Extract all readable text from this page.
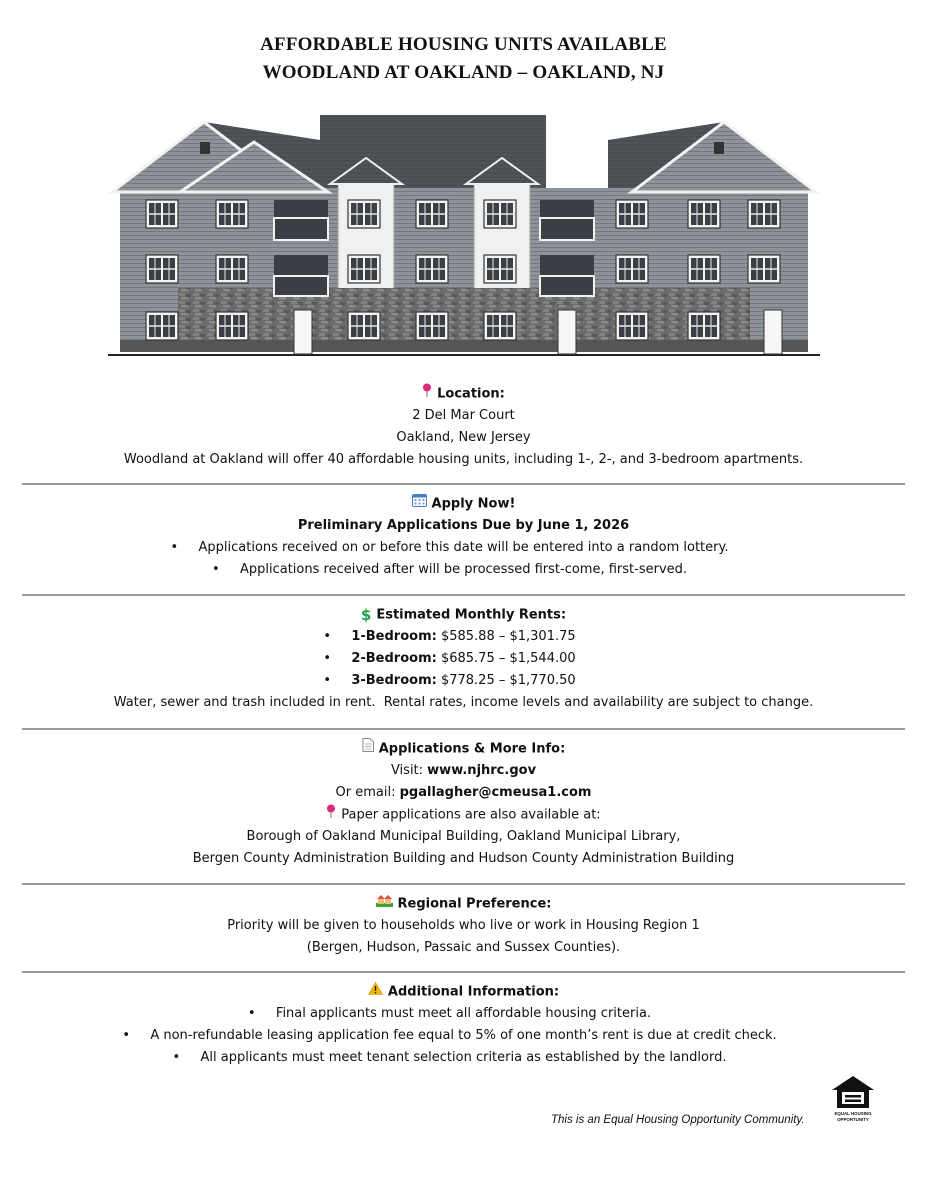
AFFORDABLE HOUSING UNITS AVAILABLE
WOODLAND AT OAKLAND – OAKLAND, NJ
Location:
2 Del Mar Court
Oakland, New Jersey
Woodland at Oakland will offer 40 affordable housing units, including 1-, 2-, and 3-bedroom apartments.
Apply Now!
Preliminary Applications Due by June 1, 2026
• Applications received on or before this date will be entered into a random lottery.
• Applications received after will be processed first-come, first-served.
$ Estimated Monthly Rents:
• 1-Bedroom: $585.88 – $1,301.75
• 2-Bedroom: $685.75 – $1,544.00
• 3-Bedroom: $778.25 – $1,770.50
Water, sewer and trash included in rent.  Rental rates, income levels and availability are subject to change.
Applications & More Info:
Visit: www.njhrc.gov
Or email: pgallagher@cmeusa1.com
Paper applications are also available at:
Borough of Oakland Municipal Building, Oakland Municipal Library,
Bergen County Administration Building and Hudson County Administration Building
Regional Preference:
Priority will be given to households who live or work in Housing Region 1
(Bergen, Hudson, Passaic and Sussex Counties).
Additional Information:
• Final applicants must meet all affordable housing criteria.
• A non-refundable leasing application fee equal to 5% of one month’s rent is due at credit check.
• All applicants must meet tenant selection criteria as established by the landlord.
This is an Equal Housing Opportunity Community.
EQUAL HOUSING
OPPORTUNITY
